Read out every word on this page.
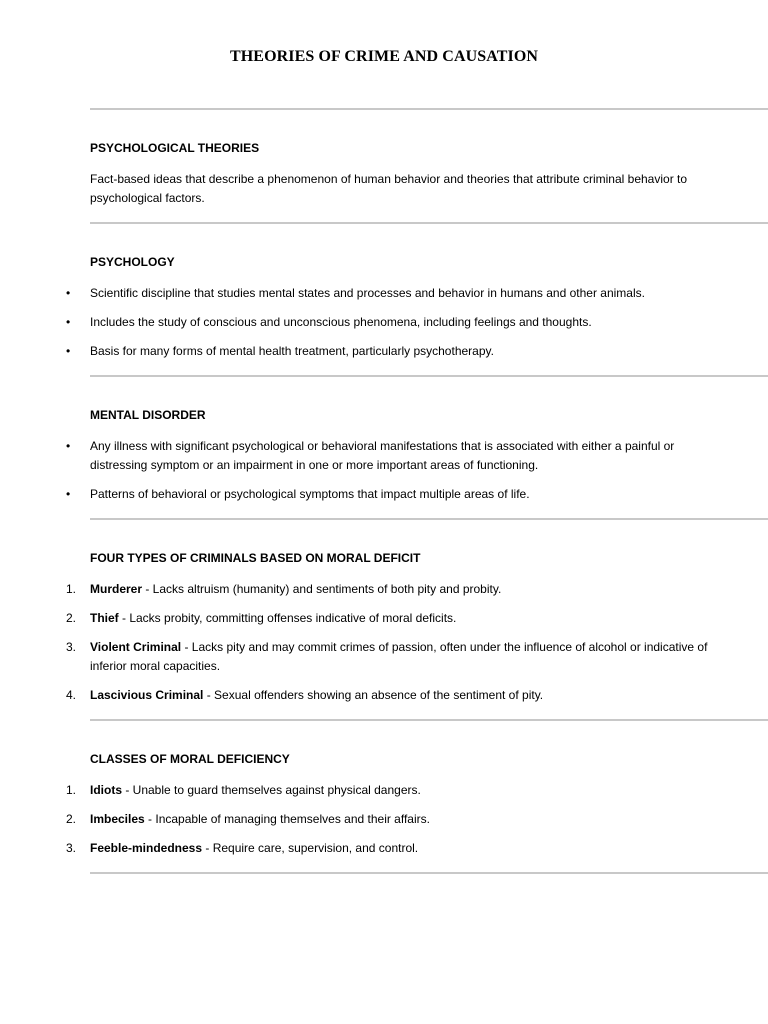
THEORIES OF CRIME AND CAUSATION
PSYCHOLOGICAL THEORIES

Fact-based ideas that describe a phenomenon of human behavior and theories that attribute criminal behavior to psychological factors.

PSYCHOLOGY
• Scientific discipline that studies mental states and processes and behavior in humans and other animals.
• Includes the study of conscious and unconscious phenomena, including feelings and thoughts.
• Basis for many forms of mental health treatment, particularly psychotherapy.
MENTAL DISORDER
• Any illness with significant psychological or behavioral manifestations that is associated with either a painful or distressing symptom or an impairment in one or more important areas of functioning.
• Patterns of behavioral or psychological symptoms that impact multiple areas of life.
FOUR TYPES OF CRIMINALS BASED ON MORAL DEFICIT
1. Murderer - Lacks altruism (humanity) and sentiments of both pity and probity.
2. Thief - Lacks probity, committing offenses indicative of moral deficits.
3. Violent Criminal - Lacks pity and may commit crimes of passion, often under the influence of alcohol or indicative of inferior moral capacities.
4. Lascivious Criminal - Sexual offenders showing an absence of the sentiment of pity.
CLASSES OF MORAL DEFICIENCY
1. Idiots - Unable to guard themselves against physical dangers.
2. Imbeciles - Incapable of managing themselves and their affairs.
3. Feeble-mindedness - Require care, supervision, and control.
